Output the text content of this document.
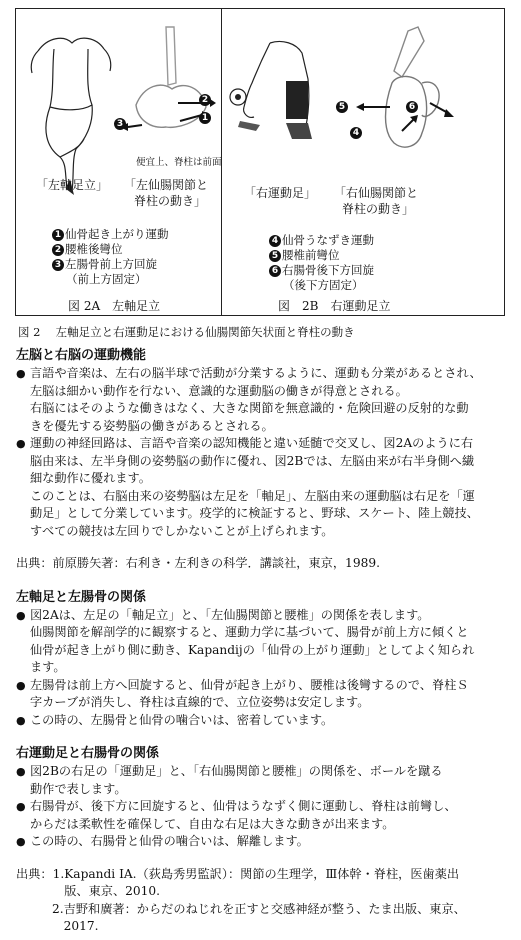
2
3
1
便宜上、脊柱は前面
「左軸足立」 「左仙腸関節と
脊柱の動き」
1 仙骨起き上がり運動
2 腰椎後彎位
3 左腸骨前上方回旋
（前上方固定）
図 2A　左軸足立
5	6
4
「右運動足」 「右仙腸関節と
脊柱の動き」
4 仙骨うなずき運動
5 腰椎前彎位
6 右腸骨後下方回旋
（後下方固定）
図　2B　右運動足立
図 2　 左軸足立と右運動足における仙腸関節矢状面と脊柱の動き
左脳と右脳の運動機能
● 言語や音楽は、左右の脳半球で活動が分業するように、運動も分業があるとされ、
左脳は細かい動作を行ない、意識的な運動脳の働きが得意とされる。
右脳にはそのような働きはなく、大きな関節を無意識的・危険回避の反射的な動
きを優先する姿勢脳の働きがあるとされる。
● 運動の神経回路は、言語や音楽の認知機能と違い延髄で交叉し、図2Aのように右
脳由来は、左半身側の姿勢脳の動作に優れ、図2Bでは、左脳由来が右半身側へ繊
細な動作に優れます。
このことは、右脳由来の姿勢脳は左足を「軸足」、左脳由来の運動脳は右足を「運
動足」として分業しています。疫学的に検証すると、野球、スケート、陸上競技、
すべての競技は左回りでしかないことが上げられます。
出典：前原勝矢著：右利き・左利きの科学．講談社，東京，1989.
左軸足と左腸骨の関係
● 図2Aは、左足の「軸足立」と、「左仙腸関節と腰椎」の関係を表します。
仙腸関節を解剖学的に観察すると、運動力学に基づいて、腸骨が前上方に傾くと
仙骨が起き上がり側に動き、Kapandijの「仙骨の上がり運動」としてよく知られ
ます。
● 左腸骨は前上方へ回旋すると、仙骨が起き上がり、腰椎は後彎するので、脊柱Ｓ
字カーブが消失し、脊柱は直線的で、立位姿勢は安定します。
● この時の、左腸骨と仙骨の噛合いは、密着しています。
右運動足と右腸骨の関係
● 図2Bの右足の「運動足」と、「右仙腸関節と腰椎」の関係を、ボールを蹴る
動作で表します。
● 右腸骨が、後下方に回旋すると、仙骨はうなずく側に運動し、脊柱は前彎し、
からだは柔軟性を確保して、自由な右足は大きな動きが出来ます。
● この時の、右腸骨と仙骨の噛合いは、解離します。
出典： 1. Kapandi IA.（荻島秀男監訳）：関節の生理学，Ⅲ体幹・脊柱，医歯薬出
版、東京、2010.
2. 吉野和廣著：からだのねじれを正すと交感神経が整う、たま出版、東京、
2017.
